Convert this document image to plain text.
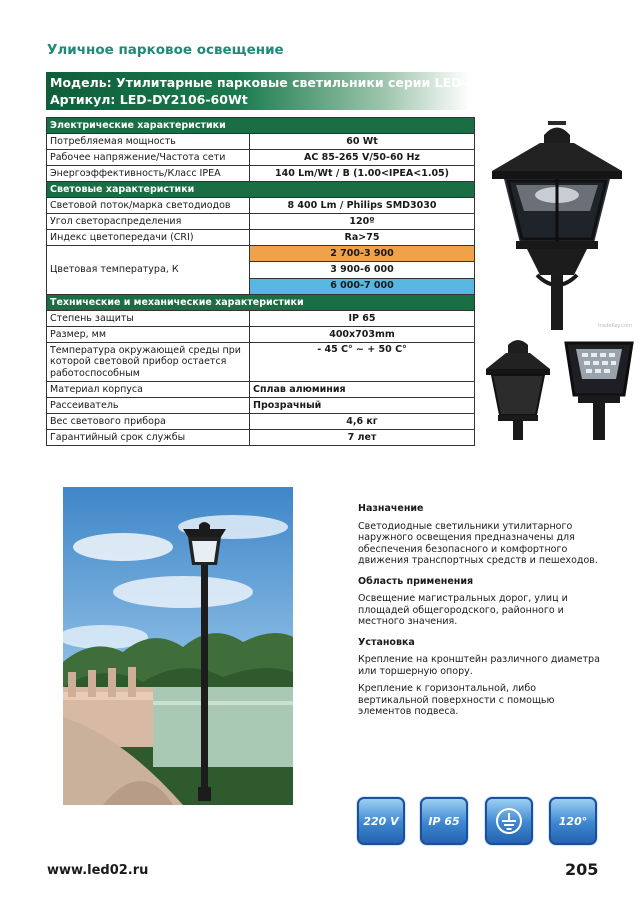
Уличное парковое освещение
Модель: Утилитарные парковые светильники серии LED-DY2106
Артикул: LED-DY2106-60Wt
Электрические характеристики	
Потребляемая мощность	60 Wt
Рабочее напряжение/Частота сети	AC 85-265 V/50-60 Hz
Энергоэффективность/Класс IPEA	140 Lm/Wt / B (1.00<IPEA<1.05)
Световые характеристики	
Световой поток/марка светодиодов	8 400 Lm / Philips SMD3030
Угол светораспределения	120º
Индекс цветопередачи (CRI)	Ra>75
Цветовая температура, К	2 700-3 900
	3 900-6 000
	6 000-7 000
Технические и механические характеристики	
Степень защиты	IP 65
Размер, мм	400x703mm
Температура окружающей среды при которой световой прибор остается работоспособным	- 45 C° ~ + 50 C°
Материал корпуса	Сплав алюминия
Рассеиватель	Прозрачный
Вес светового прибора	4,6 кг
Гарантийный срок службы	7 лет
tradeKey.com
Назначение

Светодиодные светильники утилитарного наружного освещения предназначены для обеспечения безопасного и комфортного движения транспортных средств и пешеходов.

Область применения

Освещение магистральных дорог, улиц и площадей общегородского, районного и местного значения.

Установка

Крепление на кронштейн различного диаметра или торшерную опору.

Крепление к горизонтальной, либо вертикальной поверхности с помощью элементов подвеса.

220 V	IP 65	120°
www.led02.ru	205
